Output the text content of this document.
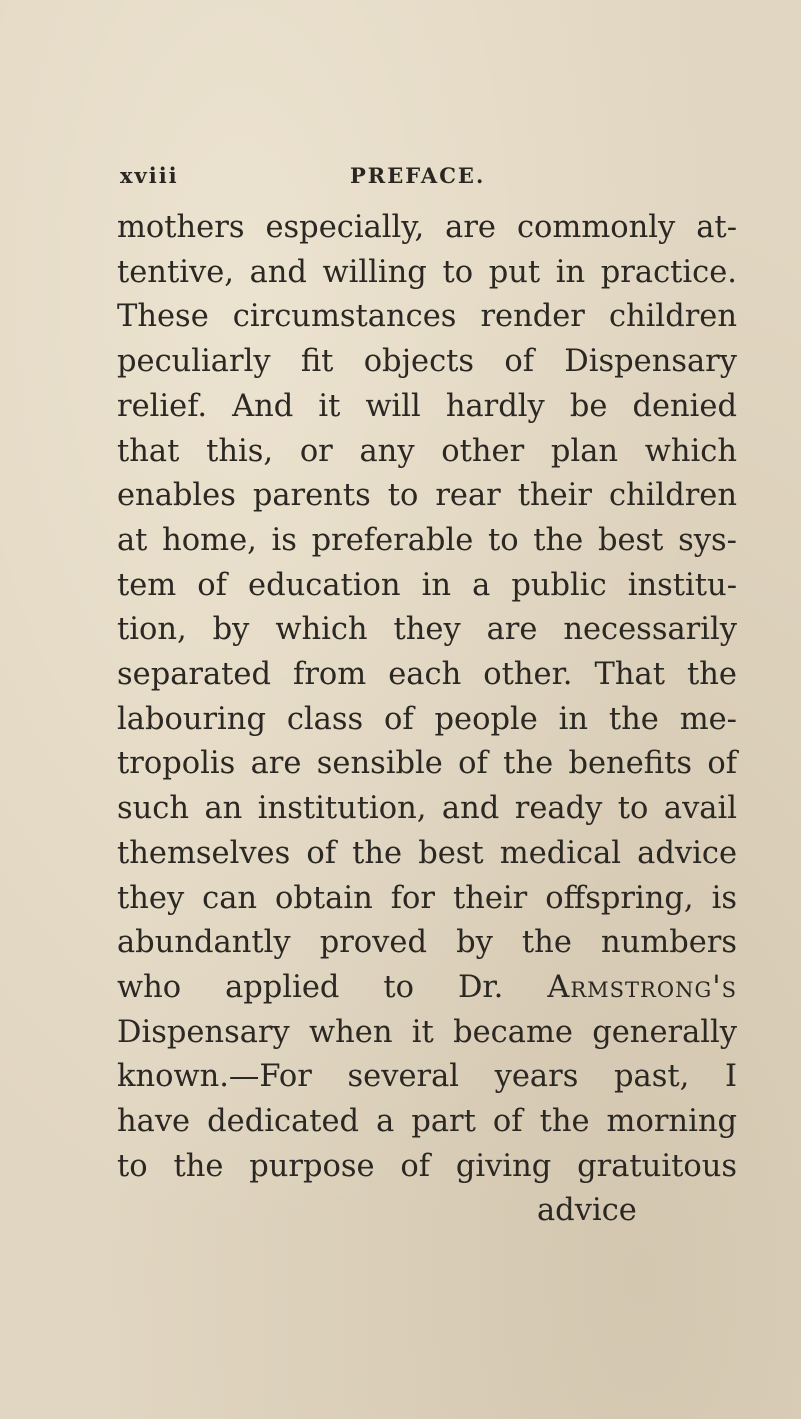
xviii	PREFACE.
mothers especially, are commonly at-
tentive, and willing to put in practice.
These circumstances render children
peculiarly fit objects of Dispensary
relief. And it will hardly be denied
that this, or any other plan which
enables parents to rear their children
at home, is preferable to the best sys-
tem of education in a public institu-
tion, by which they are necessarily
separated from each other. That the
labouring class of people in the me-
tropolis are sensible of the benefits of
such an institution, and ready to avail
themselves of the best medical advice
they can obtain for their offspring, is
abundantly proved by the numbers
who applied to Dr. Armstrong's
Dispensary when it became generally
known.—For several years past, I
have dedicated a part of the morning
to the purpose of giving gratuitous
advice
